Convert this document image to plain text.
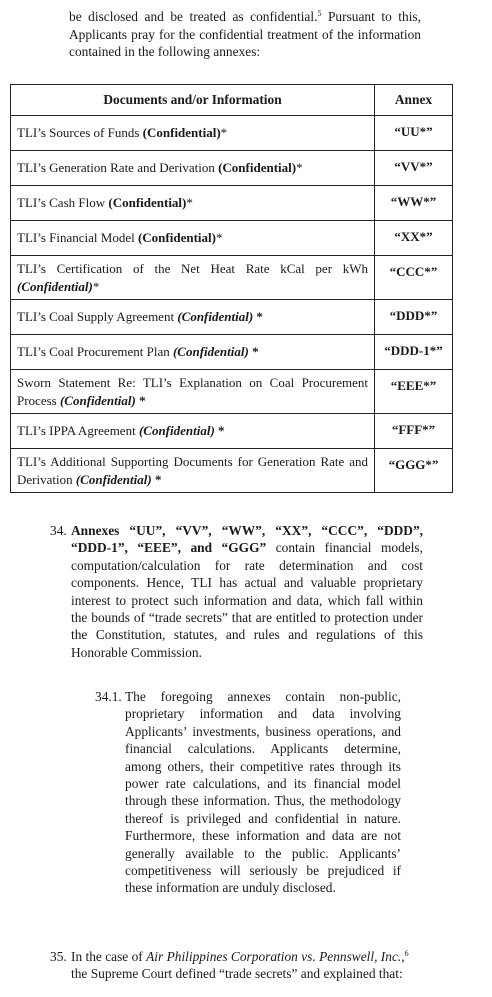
be disclosed and be treated as confidential.$^5$ Pursuant to this, Applicants pray for the confidential treatment of the information contained in the following annexes:
Documents and/or Information	Annex
TLI’s Sources of Funds (Confidential)*	“UU*”
TLI’s Generation Rate and Derivation (Confidential)*	“VV*”
TLI’s Cash Flow (Confidential)*	“WW*”
TLI’s Financial Model (Confidential)*	“XX*”
TLI’s Certification of the Net Heat Rate kCal per kWh (Confidential)*	“CCC*”
TLI’s Coal Supply Agreement (Confidential) *	“DDD*”
TLI’s Coal Procurement Plan (Confidential) *	“DDD-1*”
Sworn Statement Re: TLI’s Explanation on Coal Procurement Process (Confidential) *	“EEE*”
TLI’s IPPA Agreement (Confidential) *	“FFF*”
TLI’s Additional Supporting Documents for Generation Rate and Derivation (Confidential) *	“GGG*”
34. Annexes “UU”, “VV”, “WW”, “XX”, “CCC”, “DDD”, “DDD-1”, “EEE”, and “GGG” contain financial models, computation/calculation for rate determination and cost components. Hence, TLI has actual and valuable proprietary interest to protect such information and data, which fall within the bounds of “trade secrets” that are entitled to protection under the Constitution, statutes, and rules and regulations of this Honorable Commission.
34.1. The foregoing annexes contain non-public, proprietary information and data involving Applicants’ investments, business operations, and financial calculations. Applicants determine, among others, their competitive rates through its power rate calculations, and its financial model through these information. Thus, the methodology thereof is privileged and confidential in nature. Furthermore, these information and data are not generally available to the public. Applicants’ competitiveness will seriously be prejudiced if these information are unduly disclosed.
35. In the case of Air Philippines Corporation vs. Pennswell, Inc.,$^6$ the Supreme Court defined “trade secrets” and explained that:
